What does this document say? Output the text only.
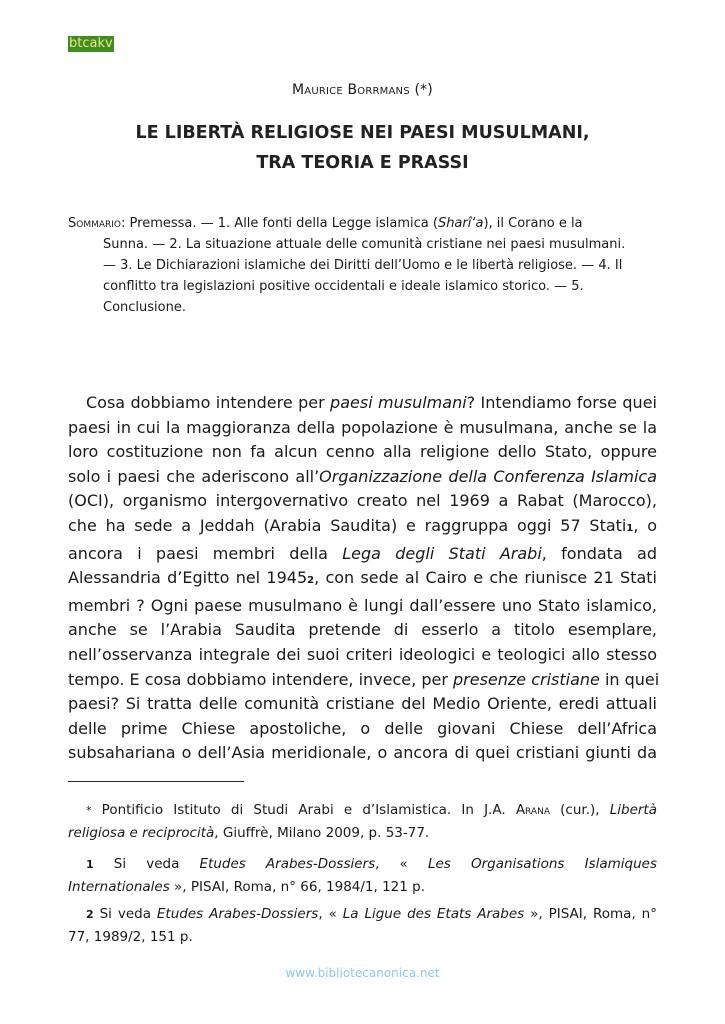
btcakv
Maurice Borrmans (*)
LE LIBERTÀ RELIGIOSE NEI PAESI MUSULMANI,
TRA TEORIA E PRASSI
Sommario: Premessa. — 1. Alle fonti della Legge islamica (Sharî‘a), il Corano e la
Sunna. — 2. La situazione attuale delle comunità cristiane nei paesi musulmani.
— 3. Le Dichiarazioni islamiche dei Diritti dell’Uomo e le libertà religiose. — 4. Il
conflitto tra legislazioni positive occidentali e ideale islamico storico. — 5.
Conclusione.
Cosa dobbiamo intendere per paesi musulmani? Intendiamo forse quei
paesi in cui la maggioranza della popolazione è musulmana, anche se la
loro costituzione non fa alcun cenno alla religione dello Stato, oppure
solo i paesi che aderiscono all’Organizzazione della Conferenza Islamica
(OCI), organismo intergovernativo creato nel 1969 a Rabat (Marocco),
che ha sede a Jeddah (Arabia Saudita) e raggruppa oggi 57 Stati1, o
ancora i paesi membri della Lega degli Stati Arabi, fondata ad
Alessandria d’Egitto nel 19452, con sede al Cairo e che riunisce 21 Stati
membri ? Ogni paese musulmano è lungi dall’essere uno Stato islamico,
anche se l’Arabia Saudita pretende di esserlo a titolo esemplare,
nell’osservanza integrale dei suoi criteri ideologici e teologici allo stesso
tempo. E cosa dobbiamo intendere, invece, per presenze cristiane in quei
paesi? Si tratta delle comunità cristiane del Medio Oriente, eredi attuali
delle prime Chiese apostoliche, o delle giovani Chiese dell’Africa
subsahariana o dell’Asia meridionale, o ancora di quei cristiani giunti da
* Pontificio Istituto di Studi Arabi e d’Islamistica. In J.A. Arana (cur.), Libertà
religiosa e reciprocità, Giuffrè, Milano 2009, p. 53-77.
1 Si veda Etudes Arabes-Dossiers, « Les Organisations Islamiques
Internationales », PISAI, Roma, n° 66, 1984/1, 121 p.
2 Si veda Etudes Arabes-Dossiers, « La Ligue des Etats Arabes », PISAI, Roma, n°
77, 1989/2, 151 p.
www.bibliotecanonica.net
